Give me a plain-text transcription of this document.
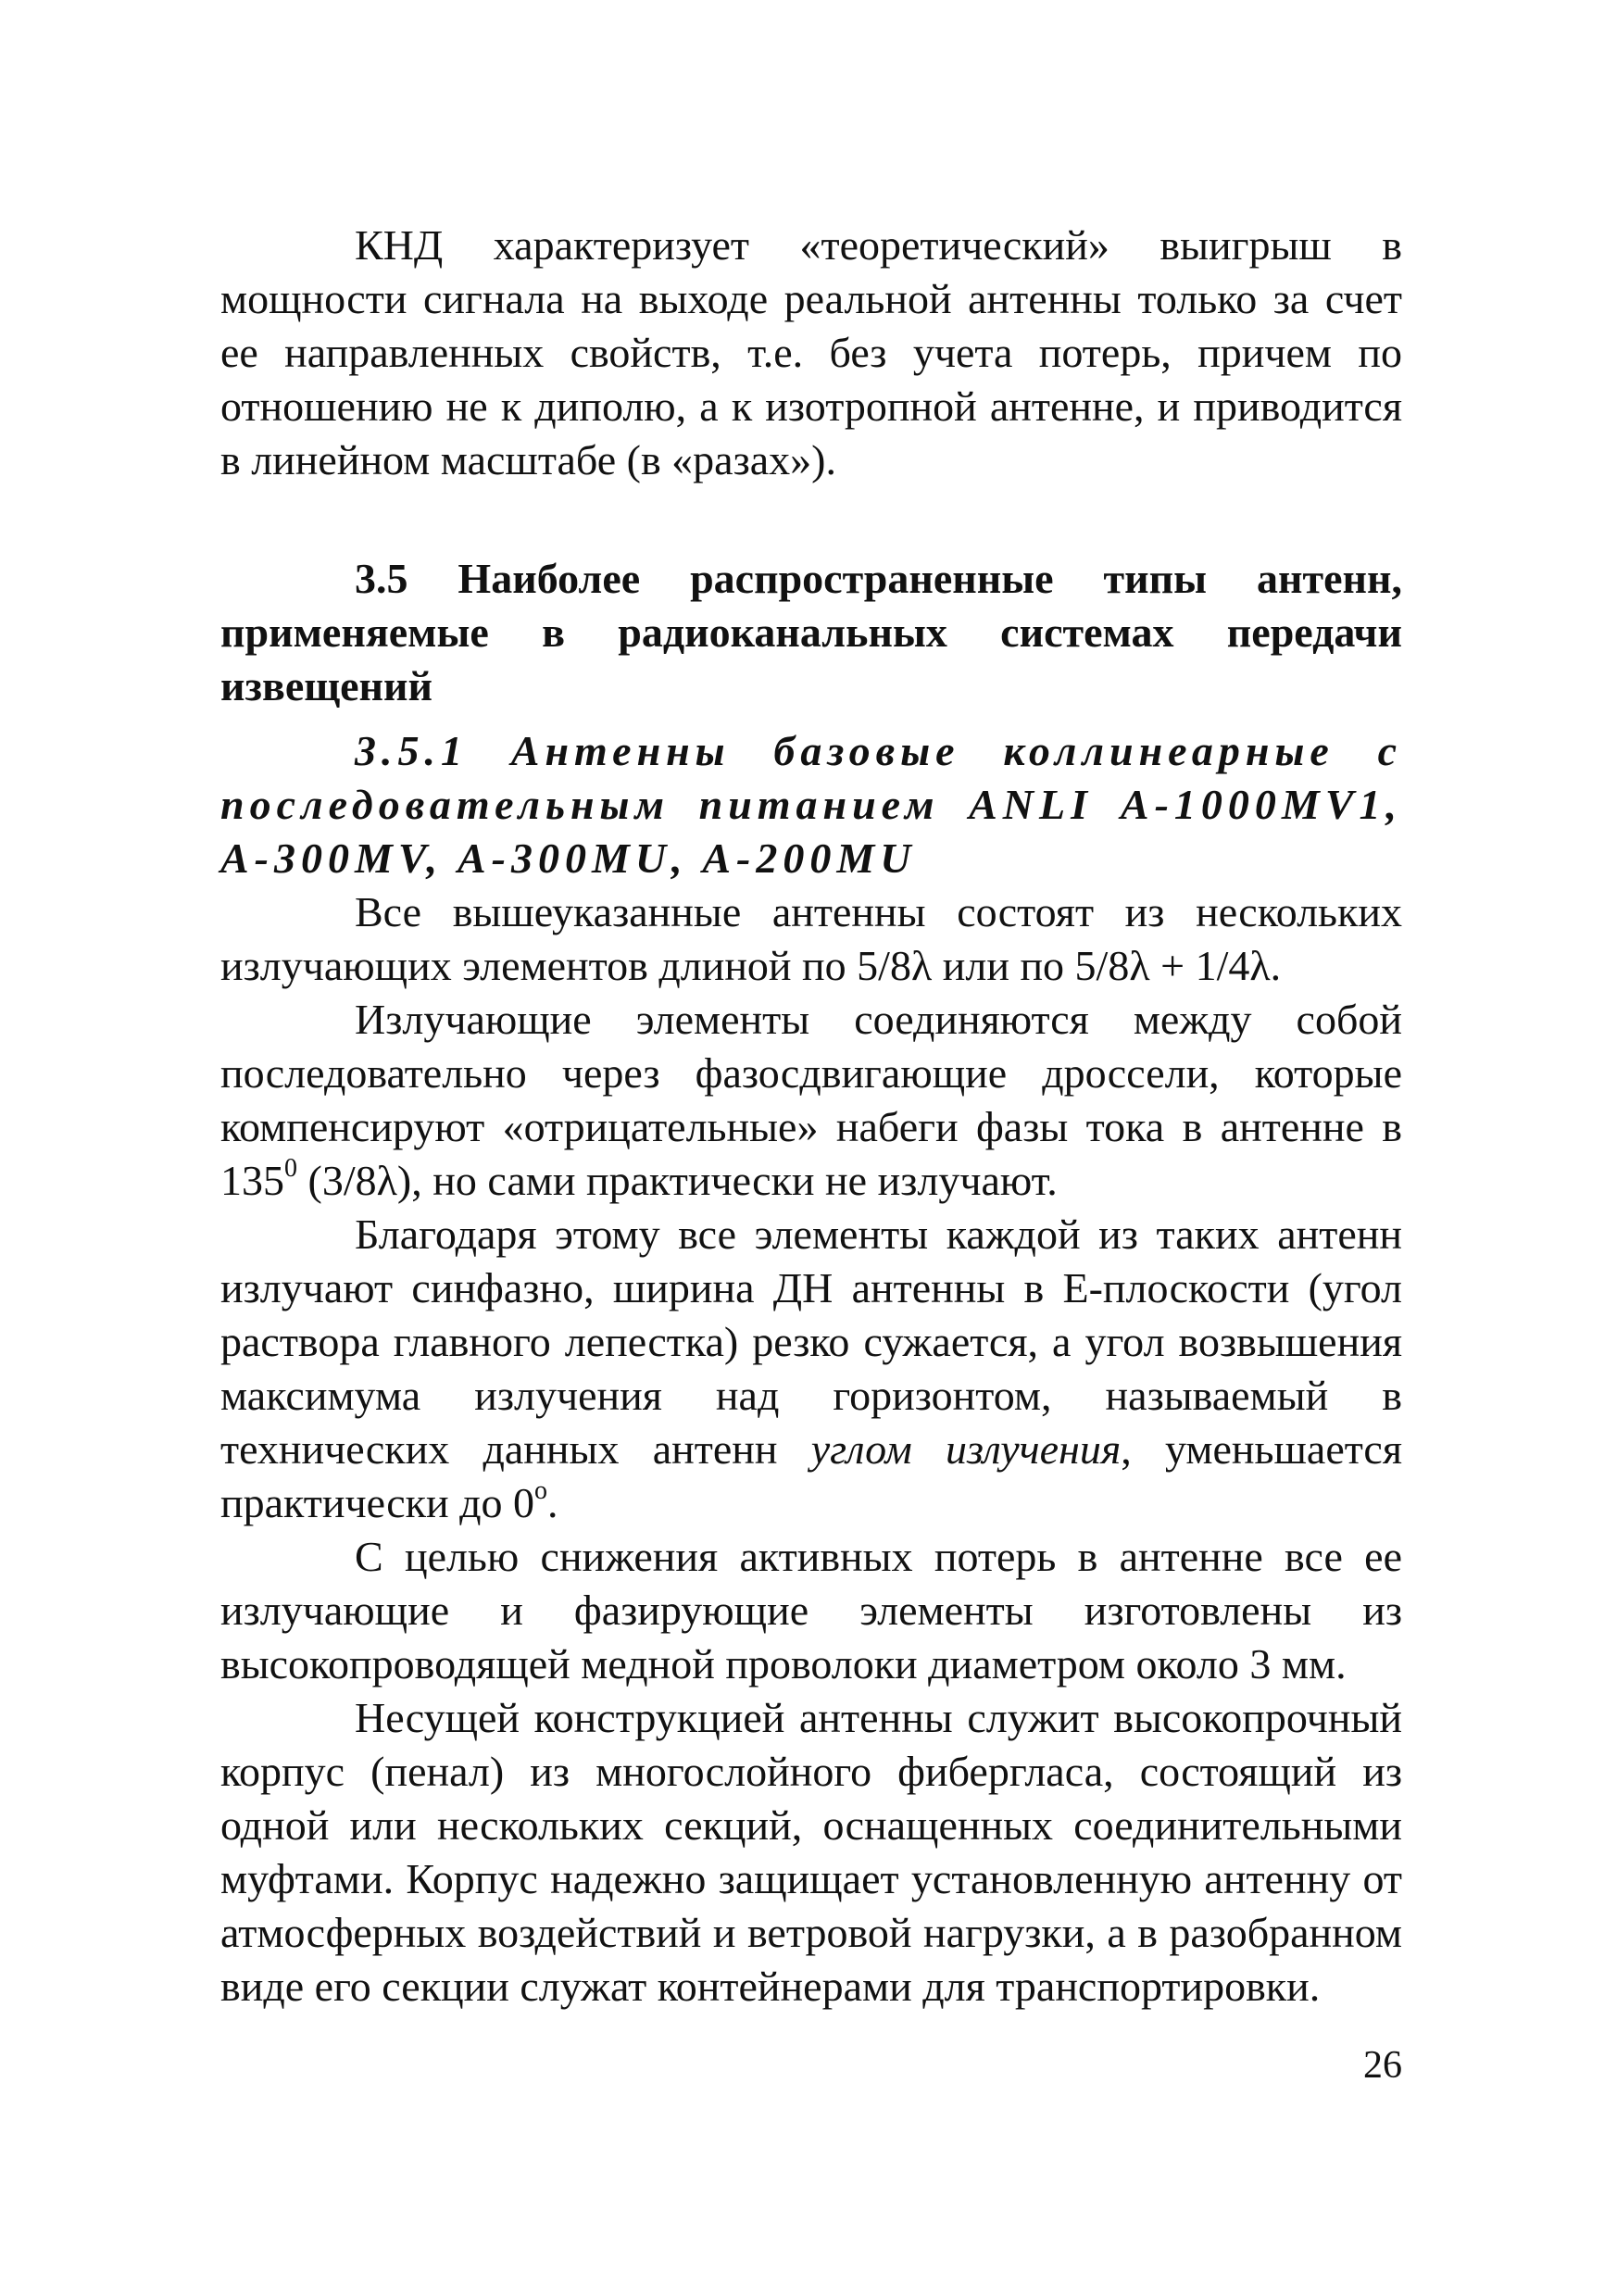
КНД характеризует «теоретический» выигрыш в мощности сигнала на выходе реальной антенны только за счет ее направленных свойств, т.е. без учета потерь, причем по отношению не к диполю, а к изотропной антенне, и приводится в линейном масштабе (в «разах»).

3.5 Наиболее распространенные типы антенн, применяемые в радиоканальных системах передачи извещений
3.5.1 Антенны базовые коллинеарные с последовательным питанием ANLI A-1000MV1, A-300MV, A-300MU, A-200MU

Все вышеуказанные антенны состоят из нескольких излучающих элементов длиной по 5/8λ или по 5/8λ + 1/4λ.

Излучающие элементы соединяются между собой последовательно через фазосдвигающие дроссели, которые компенсируют «отрицательные» набеги фазы тока в антенне в $135^0$ (3/8λ), но сами практически не излучают.

Благодаря этому все элементы каждой из таких антенн излучают синфазно, ширина ДН антенны в Е-плоскости (угол раствора главного лепестка) резко сужается, а угол возвышения максимума излучения над горизонтом, называемый в технических данных антенн углом излучения, уменьшается практически до $0^о$.

С целью снижения активных потерь в антенне все ее излучающие и фазирующие элементы изготовлены из высокопроводящей медной проволоки диаметром около 3 мм.

Несущей конструкцией антенны служит высокопрочный корпус (пенал) из многослойного фибергласа, состоящий из одной или нескольких секций, оснащенных соединительными муфтами. Корпус надежно защищает установленную антенну от атмосферных воздействий и ветровой нагрузки, а в разобранном виде его секции служат контейнерами для транспортировки.

26
